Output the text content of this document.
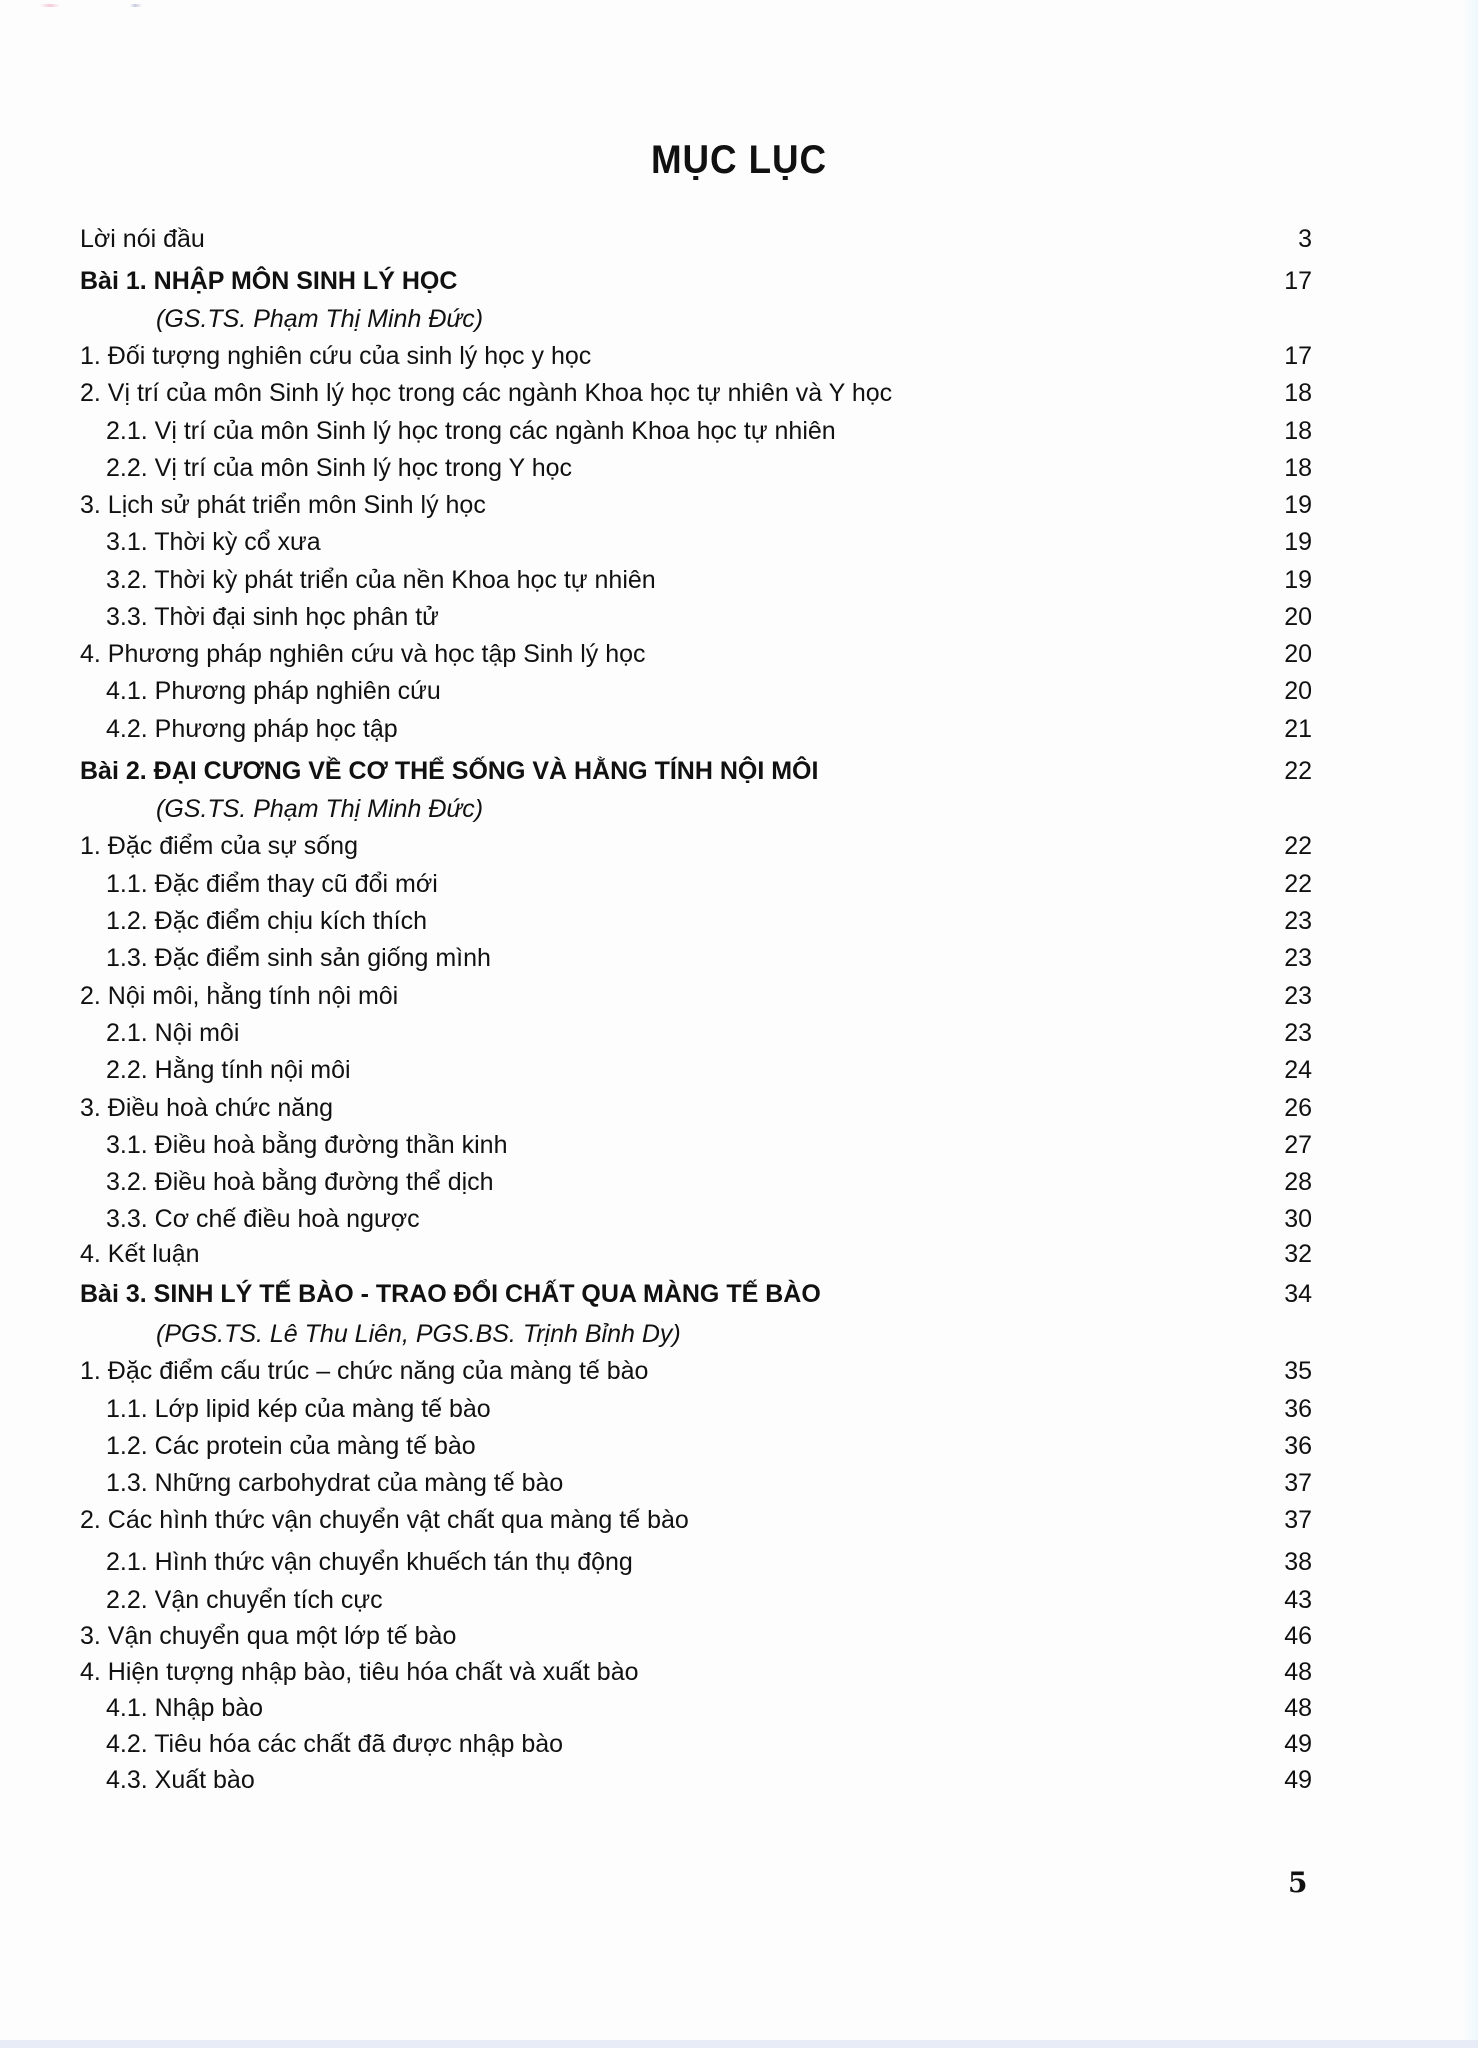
MỤC LỤC
Lời nói đầu	3
Bài 1. NHẬP MÔN SINH LÝ HỌC	17
(GS.TS. Phạm Thị Minh Đức)
1. Đối tượng nghiên cứu của sinh lý học y học	17
2. Vị trí của môn Sinh lý học trong các ngành Khoa học tự nhiên và Y học	18
2.1. Vị trí của môn Sinh lý học trong các ngành Khoa học tự nhiên	18
2.2. Vị trí của môn Sinh lý học trong Y học	18
3. Lịch sử phát triển môn Sinh lý học	19
3.1. Thời kỳ cổ xưa	19
3.2. Thời kỳ phát triển của nền Khoa học tự nhiên	19
3.3. Thời đại sinh học phân tử	20
4. Phương pháp nghiên cứu và học tập Sinh lý học	20
4.1. Phương pháp nghiên cứu	20
4.2. Phương pháp học tập	21
Bài 2. ĐẠI CƯƠNG VỀ CƠ THỂ SỐNG VÀ HẰNG TÍNH NỘI MÔI	22
(GS.TS. Phạm Thị Minh Đức)
1. Đặc điểm của sự sống	22
1.1. Đặc điểm thay cũ đổi mới	22
1.2. Đặc điểm chịu kích thích	23
1.3. Đặc điểm sinh sản giống mình	23
2. Nội môi, hằng tính nội môi	23
2.1. Nội môi	23
2.2. Hằng tính nội môi	24
3. Điều hoà chức năng	26
3.1. Điều hoà bằng đường thần kinh	27
3.2. Điều hoà bằng đường thể dịch	28
3.3. Cơ chế điều hoà ngược	30
4. Kết luận	32
Bài 3. SINH LÝ TẾ BÀO - TRAO ĐỔI CHẤT QUA MÀNG TẾ BÀO	34
(PGS.TS. Lê Thu Liên, PGS.BS. Trịnh Bỉnh Dy)
1. Đặc điểm cấu trúc – chức năng của màng tế bào	35
1.1. Lớp lipid kép của màng tế bào	36
1.2. Các protein của màng tế bào	36
1.3. Những carbohydrat của màng tế bào	37
2. Các hình thức vận chuyển vật chất qua màng tế bào	37
2.1. Hình thức vận chuyển khuếch tán thụ động	38
2.2. Vận chuyển tích cực	43
3. Vận chuyển qua một lớp tế bào	46
4. Hiện tượng nhập bào, tiêu hóa chất và xuất bào	48
4.1. Nhập bào	48
4.2. Tiêu hóa các chất đã được nhập bào	49
4.3. Xuất bào	49
5
